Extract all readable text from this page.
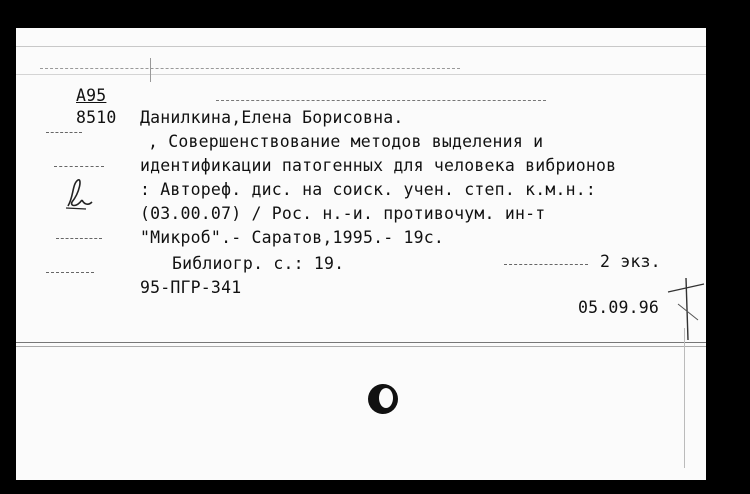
А95
8510 Данилкина,Елена Борисовна.
, Совершенствование методов выделения и
идентификации патогенных для человека вибрионов
: Автореф. дис. на соиск. учен. степ. к.м.н.:
(03.00.07) / Рос. н.-и. противочум. ин-т
"Микроб".- Саратов,1995.- 19с.
Библиогр. с.: 19.	2 экз.
95-ПГР-341
05.09.96
